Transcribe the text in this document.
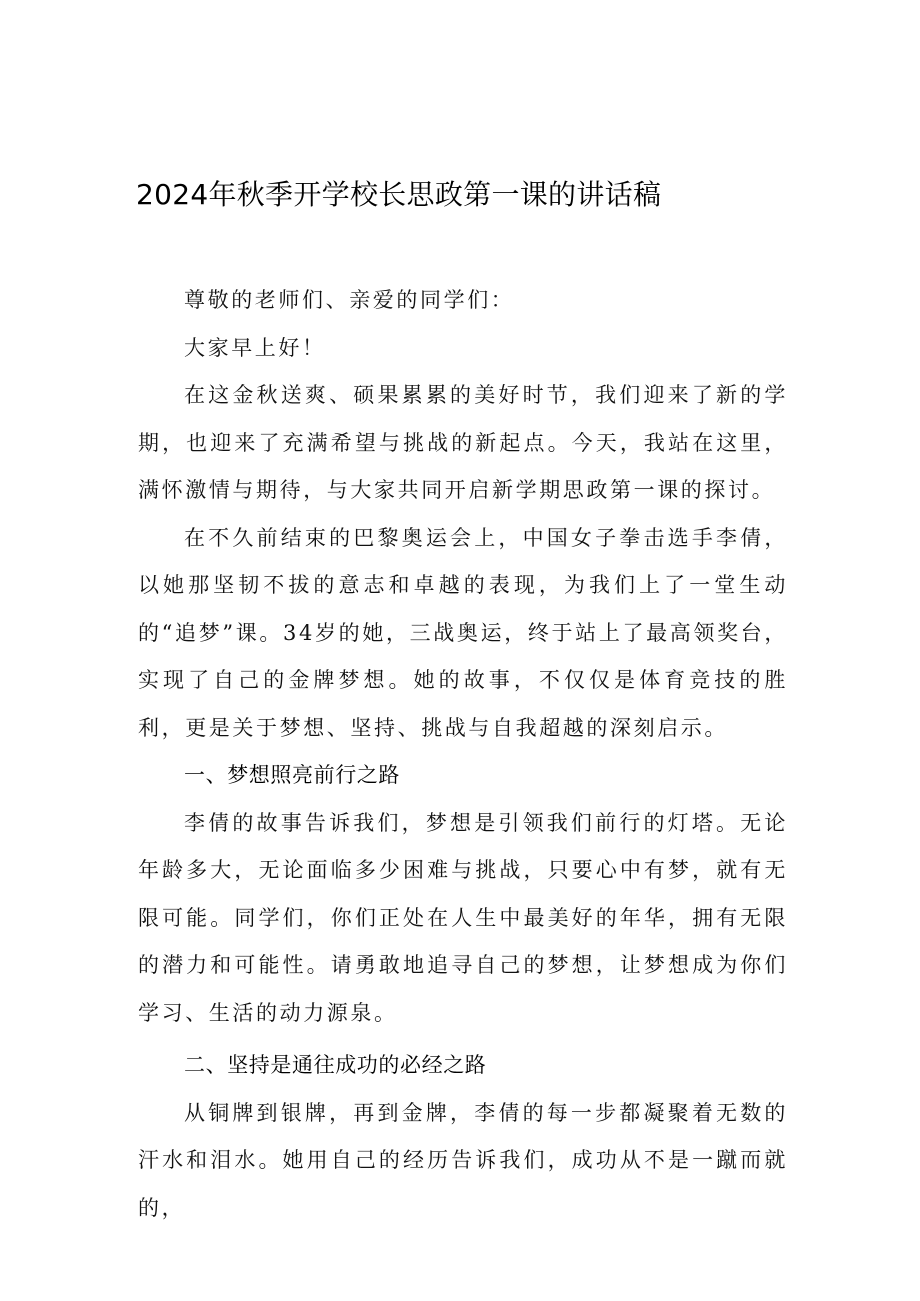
2024年秋季开学校长思政第一课的讲话稿

尊敬的老师们、亲爱的同学们：

大家早上好！

在这金秋送爽、硕果累累的美好时节，我们迎来了新的学期，也迎来了充满希望与挑战的新起点。今天，我站在这里，满怀激情与期待，与大家共同开启新学期思政第一课的探讨。

在不久前结束的巴黎奥运会上，中国女子拳击选手李倩，以她那坚韧不拔的意志和卓越的表现，为我们上了一堂生动的“追梦”课。34岁的她，三战奥运，终于站上了最高领奖台，实现了自己的金牌梦想。她的故事，不仅仅是体育竞技的胜利，更是关于梦想、坚持、挑战与自我超越的深刻启示。

一、梦想照亮前行之路

李倩的故事告诉我们，梦想是引领我们前行的灯塔。无论年龄多大，无论面临多少困难与挑战，只要心中有梦，就有无限可能。同学们，你们正处在人生中最美好的年华，拥有无限的潜力和可能性。请勇敢地追寻自己的梦想，让梦想成为你们学习、生活的动力源泉。

二、坚持是通往成功的必经之路

从铜牌到银牌，再到金牌，李倩的每一步都凝聚着无数的汗水和泪水。她用自己的经历告诉我们，成功从不是一蹴而就的，
